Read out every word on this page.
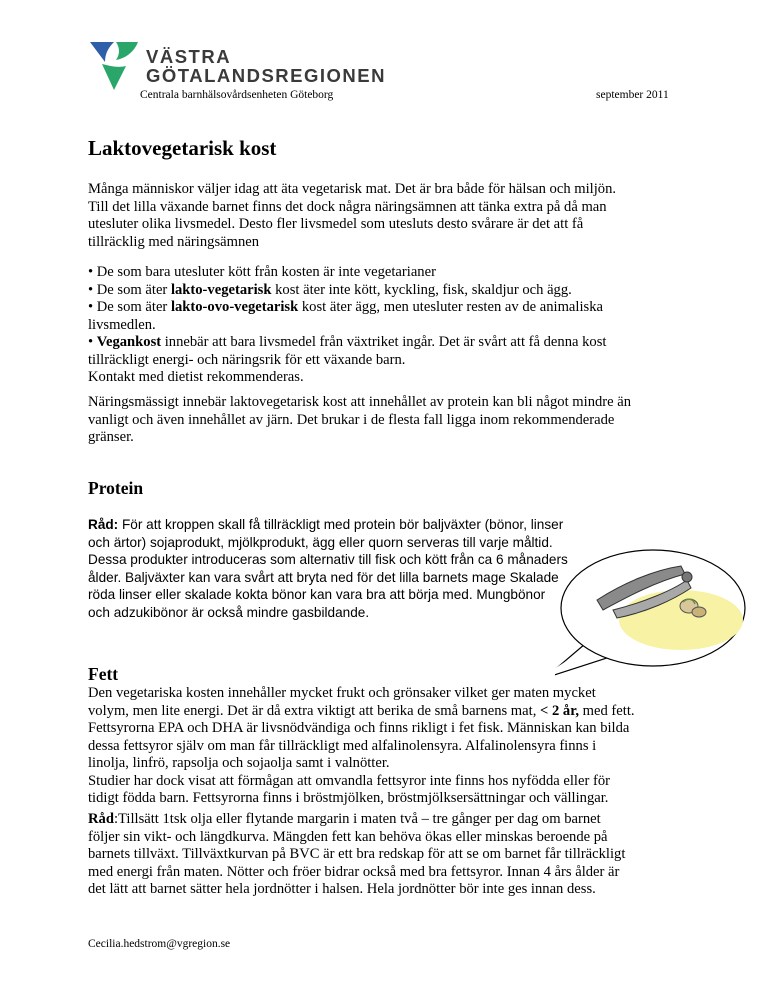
VÄSTRA
GÖTALANDSREGIONEN
Centrala barnhälsovårdsenheten Göteborg	september 2011
Laktovegetarisk kost
Många människor väljer idag att äta vegetarisk mat. Det är bra både för hälsan och miljön.
Till det lilla växande barnet finns det dock några näringsämnen att tänka extra på då man
utesluter olika livsmedel. Desto fler livsmedel som utesluts desto svårare är det att få
tillräcklig med näringsämnen
• De som bara utesluter kött från kosten är inte vegetarianer
• De som äter lakto-vegetarisk kost äter inte kött, kyckling, fisk, skaldjur och ägg.
• De som äter lakto-ovo-vegetarisk kost äter ägg, men utesluter resten av de animaliska
livsmedlen.
• Vegankost innebär att bara livsmedel från växtriket ingår. Det är svårt att få denna kost
tillräckligt energi- och näringsrik för ett växande barn.
Kontakt med dietist rekommenderas.
Näringsmässigt innebär laktovegetarisk kost att innehållet av protein kan bli något mindre än
vanligt och även innehållet av järn. Det brukar i de flesta fall ligga inom rekommenderade
gränser.
Protein
Råd: För att kroppen skall få tillräckligt med protein bör baljväxter (bönor, linser
och ärtor) sojaprodukt, mjölkprodukt, ägg eller quorn serveras till varje måltid.
Dessa produkter introduceras som alternativ till fisk och kött från ca 6 månaders
ålder. Baljväxter kan vara svårt att bryta ned för det lilla barnets mage Skalade
röda linser eller skalade kokta bönor kan vara bra att börja med. Mungbönor
och adzukibönor är också mindre gasbildande.
Fett
Den vegetariska kosten innehåller mycket frukt och grönsaker vilket ger maten mycket
volym, men lite energi. Det är då extra viktigt att berika de små barnens mat, < 2 år, med fett.
Fettsyrorna EPA och DHA är livsnödvändiga och finns rikligt i fet fisk. Människan kan bilda
dessa fettsyror själv om man får tillräckligt med alfalinolensyra. Alfalinolensyra finns i
linolja, linfrö, rapsolja och sojaolja samt i valnötter.
Studier har dock visat att förmågan att omvandla fettsyror inte finns hos nyfödda eller för
tidigt födda barn. Fettsyrorna finns i bröstmjölken, bröstmjölksersättningar och vällingar.
Råd:Tillsätt 1tsk olja eller flytande margarin i maten två – tre gånger per dag om barnet
följer sin vikt- och längdkurva. Mängden fett kan behöva ökas eller minskas beroende på
barnets tillväxt. Tillväxtkurvan på BVC är ett bra redskap för att se om barnet får tillräckligt
med energi från maten. Nötter och fröer bidrar också med bra fettsyror. Innan 4 års ålder är
det lätt att barnet sätter hela jordnötter i halsen. Hela jordnötter bör inte ges innan dess.
Cecilia.hedstrom@vgregion.se
